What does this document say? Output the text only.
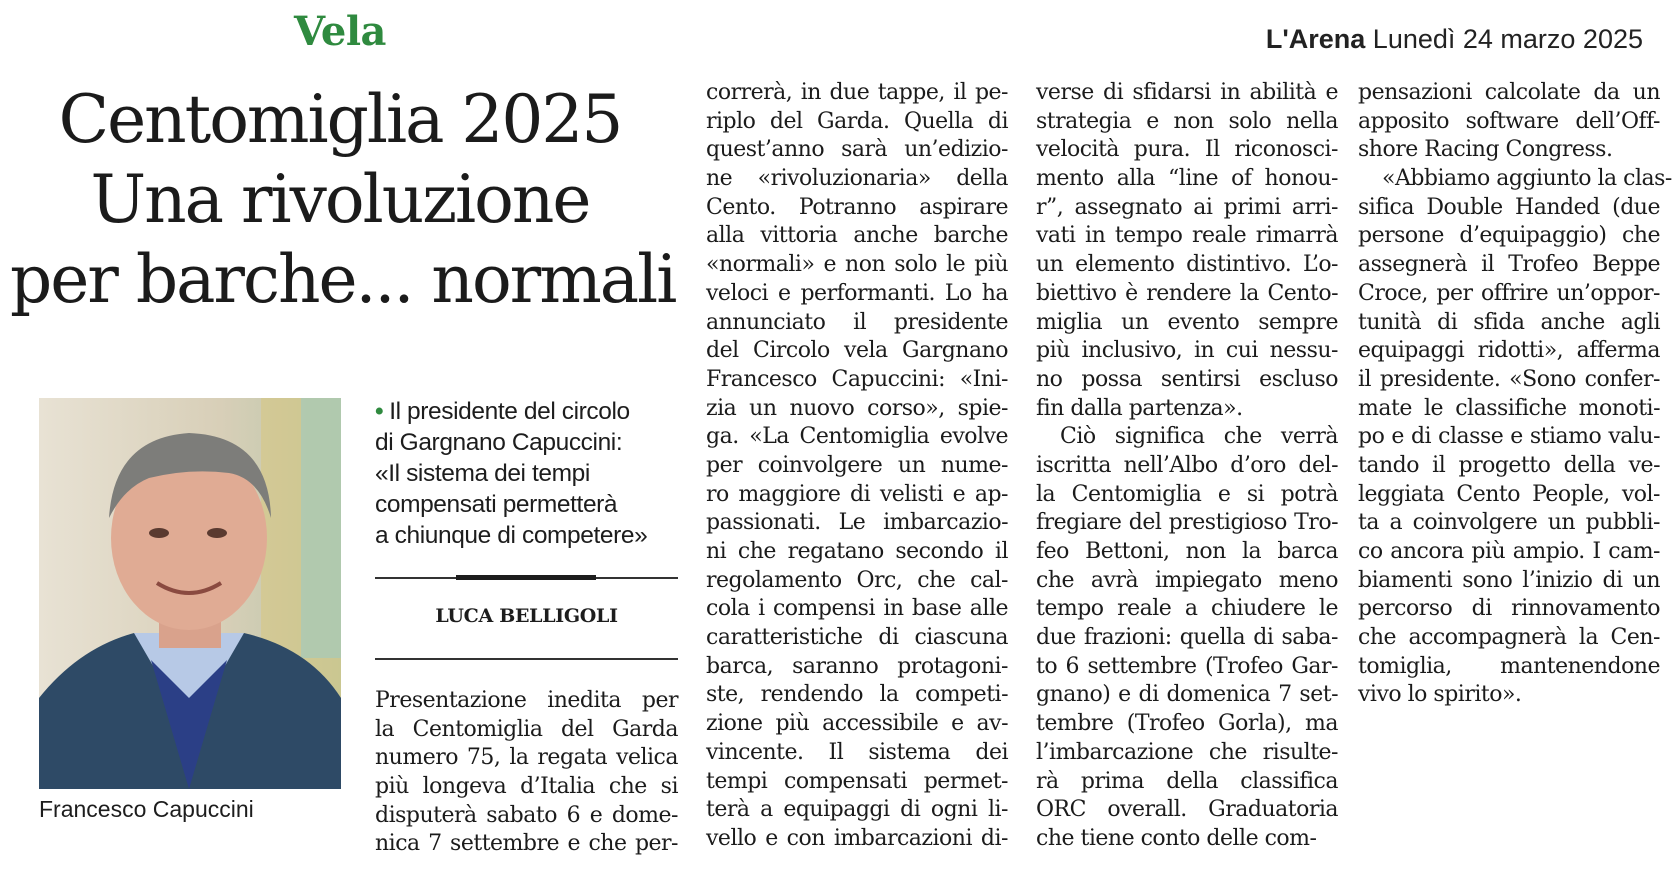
Vela	L'Arena Lunedì 24 marzo 2025
Centomiglia 2025
Una rivoluzione
per barche... normali
Francesco Capuccini
• Il presidente del circolo
di Gargnano Capuccini:
«Il sistema dei tempi
compensati permetterà
a chiunque di competere»
LUCA BELLIGOLI
Presentazione inedita per
la Centomiglia del Garda
numero 75, la regata velica
più longeva d’Italia che si
disputerà sabato 6 e dome-
nica 7 settembre e che per-
correrà, in due tappe, il pe-
riplo del Garda. Quella di
quest’anno sarà un’edizio-
ne «rivoluzionaria» della
Cento. Potranno aspirare
alla vittoria anche barche
«normali» e non solo le più
veloci e performanti. Lo ha
annunciato il presidente
del Circolo vela Gargnano
Francesco Capuccini: «Ini-
zia un nuovo corso», spie-
ga. «La Centomiglia evolve
per coinvolgere un nume-
ro maggiore di velisti e ap-
passionati. Le imbarcazio-
ni che regatano secondo il
regolamento Orc, che cal-
cola i compensi in base alle
caratteristiche di ciascuna
barca, saranno protagoni-
ste, rendendo la competi-
zione più accessibile e av-
vincente. Il sistema dei
tempi compensati permet-
terà a equipaggi di ogni li-
vello e con imbarcazioni di-
verse di sfidarsi in abilità e
strategia e non solo nella
velocità pura. Il riconosci-
mento alla “line of honou-
r”, assegnato ai primi arri-
vati in tempo reale rimarrà
un elemento distintivo. L’o-
biettivo è rendere la Cento-
miglia un evento sempre
più inclusivo, in cui nessu-
no possa sentirsi escluso
fin dalla partenza».
Ciò significa che verrà
iscritta nell’Albo d’oro del-
la Centomiglia e si potrà
fregiare del prestigioso Tro-
feo Bettoni, non la barca
che avrà impiegato meno
tempo reale a chiudere le
due frazioni: quella di saba-
to 6 settembre (Trofeo Gar-
gnano) e di domenica 7 set-
tembre (Trofeo Gorla), ma
l’imbarcazione che risulte-
rà prima della classifica
ORC overall. Graduatoria
che tiene conto delle com-
pensazioni calcolate da un
apposito software dell’Off-
shore Racing Congress.
«Abbiamo aggiunto la clas-
sifica Double Handed (due
persone d’equipaggio) che
assegnerà il Trofeo Beppe
Croce, per offrire un’oppor-
tunità di sfida anche agli
equipaggi ridotti», afferma
il presidente. «Sono confer-
mate le classifiche monoti-
po e di classe e stiamo valu-
tando il progetto della ve-
leggiata Cento People, vol-
ta a coinvolgere un pubbli-
co ancora più ampio. I cam-
biamenti sono l’inizio di un
percorso di rinnovamento
che accompagnerà la Cen-
tomiglia, mantenendone
vivo lo spirito».
